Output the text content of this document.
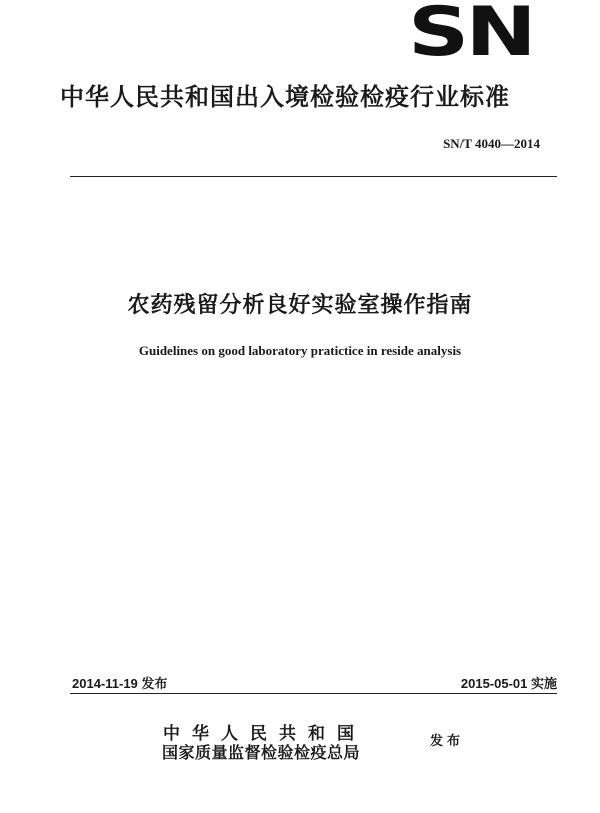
SN
中华人民共和国出入境检验检疫行业标准
SN/T 4040—2014
农药残留分析良好实验室操作指南
Guidelines on good laboratory pratictice in reside analysis
2014-11-19 发布	2015-05-01 实施
中华人民共和国
国家质量监督检验检疫总局
发布
